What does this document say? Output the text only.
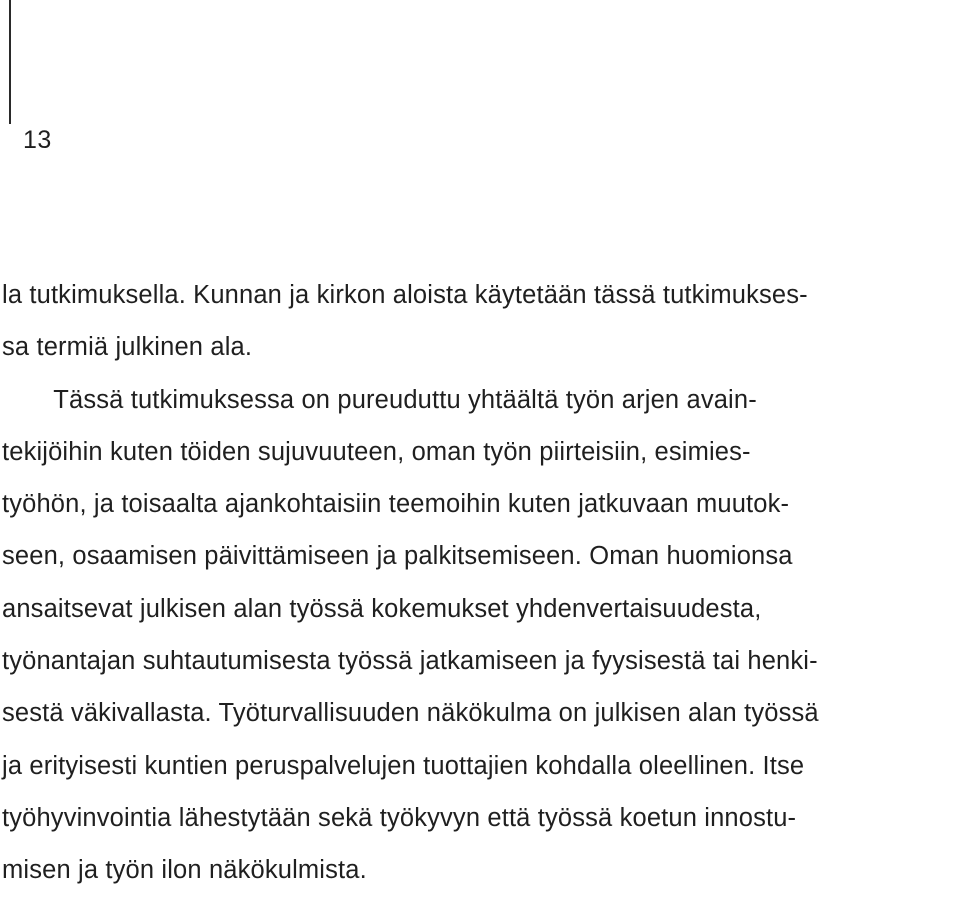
13
la tutkimuksella. Kunnan ja kirkon aloista käytetään tässä tutkimukses-
sa termiä julkinen ala.
  Tässä tutkimuksessa on pureuduttu yhtäältä työn arjen avain-
tekijöihin kuten töiden sujuvuuteen, oman työn piirteisiin, esimies-
työhön, ja toisaalta ajankohtaisiin teemoihin kuten jatkuvaan muutok-
seen, osaamisen päivittämiseen ja palkitsemiseen. Oman huomionsa
ansaitsevat julkisen alan työssä kokemukset yhdenvertaisuudesta,
työnantajan suhtautumisesta työssä jatkamiseen ja fyysisestä tai henki-
sestä väkivallasta. Työturvallisuuden näkökulma on julkisen alan työssä
ja erityisesti kuntien peruspalvelujen tuottajien kohdalla oleellinen. Itse
työhyvinvointia lähestytään sekä työkyvyn että työssä koetun innostu-
misen ja työn ilon näkökulmista.
